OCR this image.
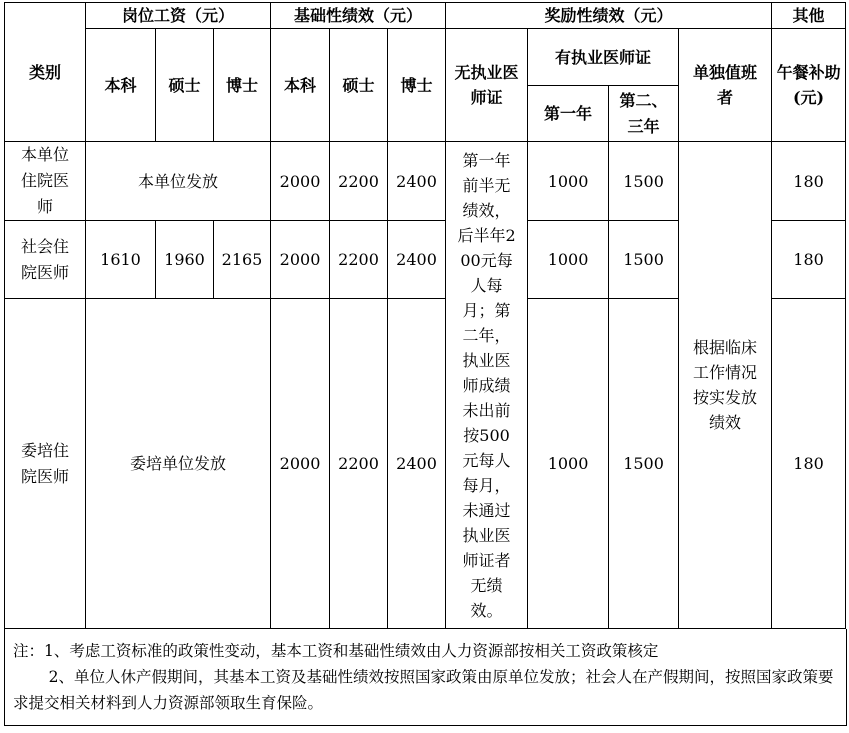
类别	岗位工资（元）			基础性绩效（元）			奖励性绩效（元）				其他
	本科	硕士	博士	本科	硕士	博士	无执业医师证	有执业医师证		单独值班者	午餐补助(元)
								第一年	第二、三年		
本单位住院医师	本单位发放			2000	2200	2400	第一年前半无绩效，后半年200元每人每月；第二年，执业医师成绩未出前按500元每人每月，未通过执业医师证者无绩效。	1000	1500	根据临床工作情况按实发放绩效	180
社会住院医师	1610	1960	2165	2000	2200	2400		1000	1500		180
委培住院医师	委培单位发放			2000	2200	2400		1000	1500		180
注：1、考虑工资标准的政策性变动，基本工资和基础性绩效由人力资源部按相关工资政策核定
2、单位人休产假期间，其基本工资及基础性绩效按照国家政策由原单位发放；社会人在产假期间，按照国家政策要求提交相关材料到人力资源部领取生育保险。
